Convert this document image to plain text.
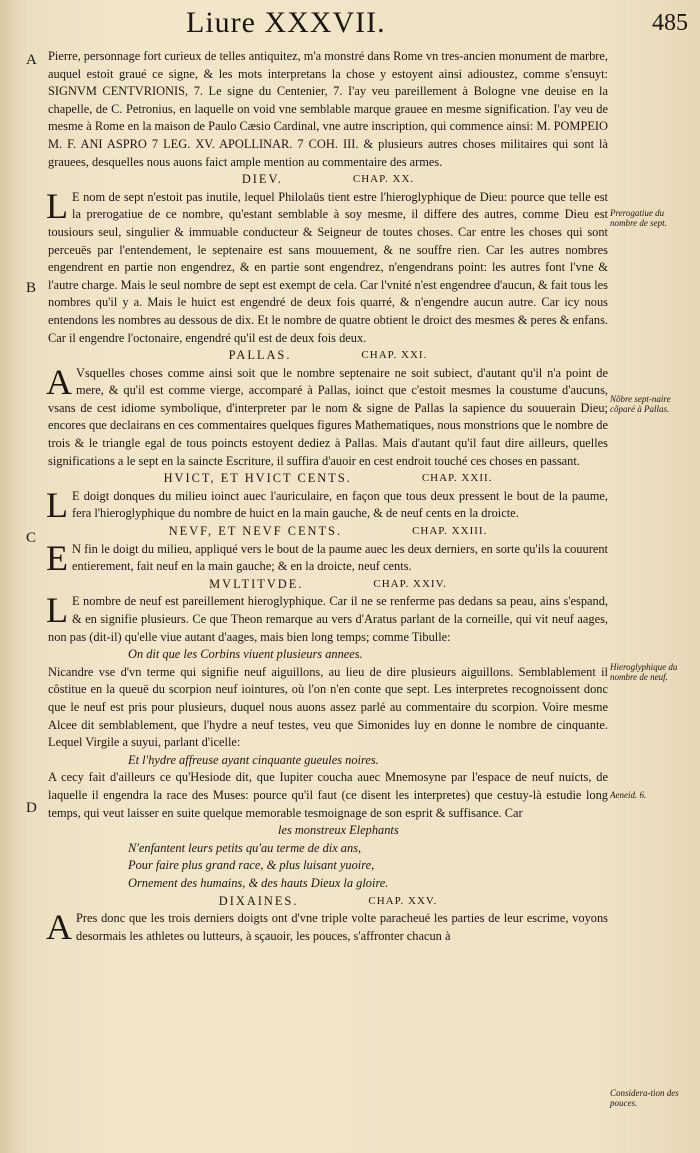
Liure XXXVII.	485
A
B
C
D
Prerogatiue du nombre de sept.
Nõbre sept-naire cõparé à Pallas.
Hieroglyphique du nombre de neuf.
Aeneid. 6.
Considera-tion des pouces.

Pierre, personnage fort curieux de telles antiquitez, m'a monstré dans Rome vn tres-ancien monument de marbre, auquel estoit graué ce signe, & les mots interpretans la chose y estoyent ainsi adioustez, comme s'ensuyt: SIGNVM CENTVRIONIS, 7. Le signe du Centenier, 7. I'ay veu pareillement à Bologne vne deuise en la chapelle, de C. Petronius, en laquelle on void vne semblable marque grauee en mesme signification. I'ay veu de mesme à Rome en la maison de Paulo Cæsio Cardinal, vne autre inscription, qui commence ainsi: M. POMPEIO M. F. ANI ASPRO 7 LEG. XV. APOLLINAR. 7 COH. III. & plusieurs autres choses militaires qui sont là grauees, desquelles nous auons faict ample mention au commentaire des armes.

DIEV.	CHAP. XX.

L E nom de sept n'estoit pas inutile, lequel Philolaüs tient estre l'hieroglyphique de Dieu: pource que telle est la prerogatiue de ce nombre, qu'estant semblable à soy mesme, il differe des autres, comme Dieu est tousiours seul, singulier & immuable conducteur & Seigneur de toutes choses. Car entre les choses qui sont perceuës par l'entendement, le septenaire est sans mouuement, & ne souffre rien. Car les autres nombres engendrent en partie non engendrez, & en partie sont engendrez, n'engendrans point: les autres font l'vne & l'autre charge. Mais le seul nombre de sept est exempt de cela. Car l'vnité n'est engendree d'aucun, & fait tous les nombres qu'il y a. Mais le huict est engendré de deux fois quarré, & n'engendre aucun autre. Car icy nous entendons les nombres au dessous de dix. Et le nombre de quatre obtient le droict des mesmes & peres & enfans. Car il engendre l'octonaire, engendré qu'il est de deux fois deux.

PALLAS.	CHAP. XXI.

A Vsquelles choses comme ainsi soit que le nombre septenaire ne soit subiect, d'autant qu'il n'a point de mere, & qu'il est comme vierge, accomparé à Pallas, ioinct que c'estoit mesmes la coustume d'aucuns, vsans de cest idiome symbolique, d'interpreter par le nom & signe de Pallas la sapience du souuerain Dieu; encores que declairans en ces commentaires quelques figures Mathematiques, nous monstrions que le nombre de trois & le triangle egal de tous poincts estoyent dediez à Pallas. Mais d'autant qu'il faut dire ailleurs, quelles significations a le sept en la saincte Escriture, il suffira d'auoir en cest endroit touché ces choses en passant.

HVICT, ET HVICT CENTS.	CHAP. XXII.

L E doigt donques du milieu ioinct auec l'auriculaire, en façon que tous deux pressent le bout de la paume, fera l'hieroglyphique du nombre de huict en la main gauche, & de neuf cents en la droicte.

NEVF, ET NEVF CENTS.	CHAP. XXIII.

E N fin le doigt du milieu, appliqué vers le bout de la paume auec les deux derniers, en sorte qu'ils la couurent entierement, fait neuf en la main gauche; & en la droicte, neuf cents.

MVLTITVDE.	CHAP. XXIV.

L E nombre de neuf est pareillement hieroglyphique. Car il ne se renferme pas dedans sa peau, ains s'espand, & en signifie plusieurs. Ce que Theon remarque au vers d'Aratus parlant de la corneille, qui vit neuf aages, non pas (dit-il) qu'elle viue autant d'aages, mais bien long temps; comme Tibulle:

On dit que les Corbins viuent plusieurs annees.

Nicandre vse d'vn terme qui signifie neuf aiguillons, au lieu de dire plusieurs aiguillons. Semblablement il côstitue en la queuë du scorpion neuf iointures, où l'on n'en conte que sept. Les interpretes recognoissent donc que le neuf est pris pour plusieurs, duquel nous auons assez parlé au commentaire du scorpion. Voire mesme Alcee dit semblablement, que l'hydre a neuf testes, veu que Simonides luy en donne le nombre de cinquante. Lequel Virgile a suyui, parlant d'icelle:

Et l'hydre affreuse ayant cinquante gueules noires.

A cecy fait d'ailleurs ce qu'Hesiode dit, que Iupiter coucha auec Mnemosyne par l'espace de neuf nuicts, de laquelle il engendra la race des Muses: pource qu'il faut (ce disent les interpretes) que cestuy-là estudie long temps, qui veut laisser en suite quelque memorable tesmoignage de son esprit & suffisance. Car

les monstreux Elephants

N'enfantent leurs petits qu'au terme de dix ans,

Pour faire plus grand race, & plus luisant yuoire,

Ornement des humains, & des hauts Dieux la gloire.

DIXAINES.	CHAP. XXV.

A Pres donc que les trois derniers doigts ont d'vne triple volte paracheué les parties de leur escrime, voyons desormais les athletes ou lutteurs, à sçauoir, les pouces, s'affronter chacun à
